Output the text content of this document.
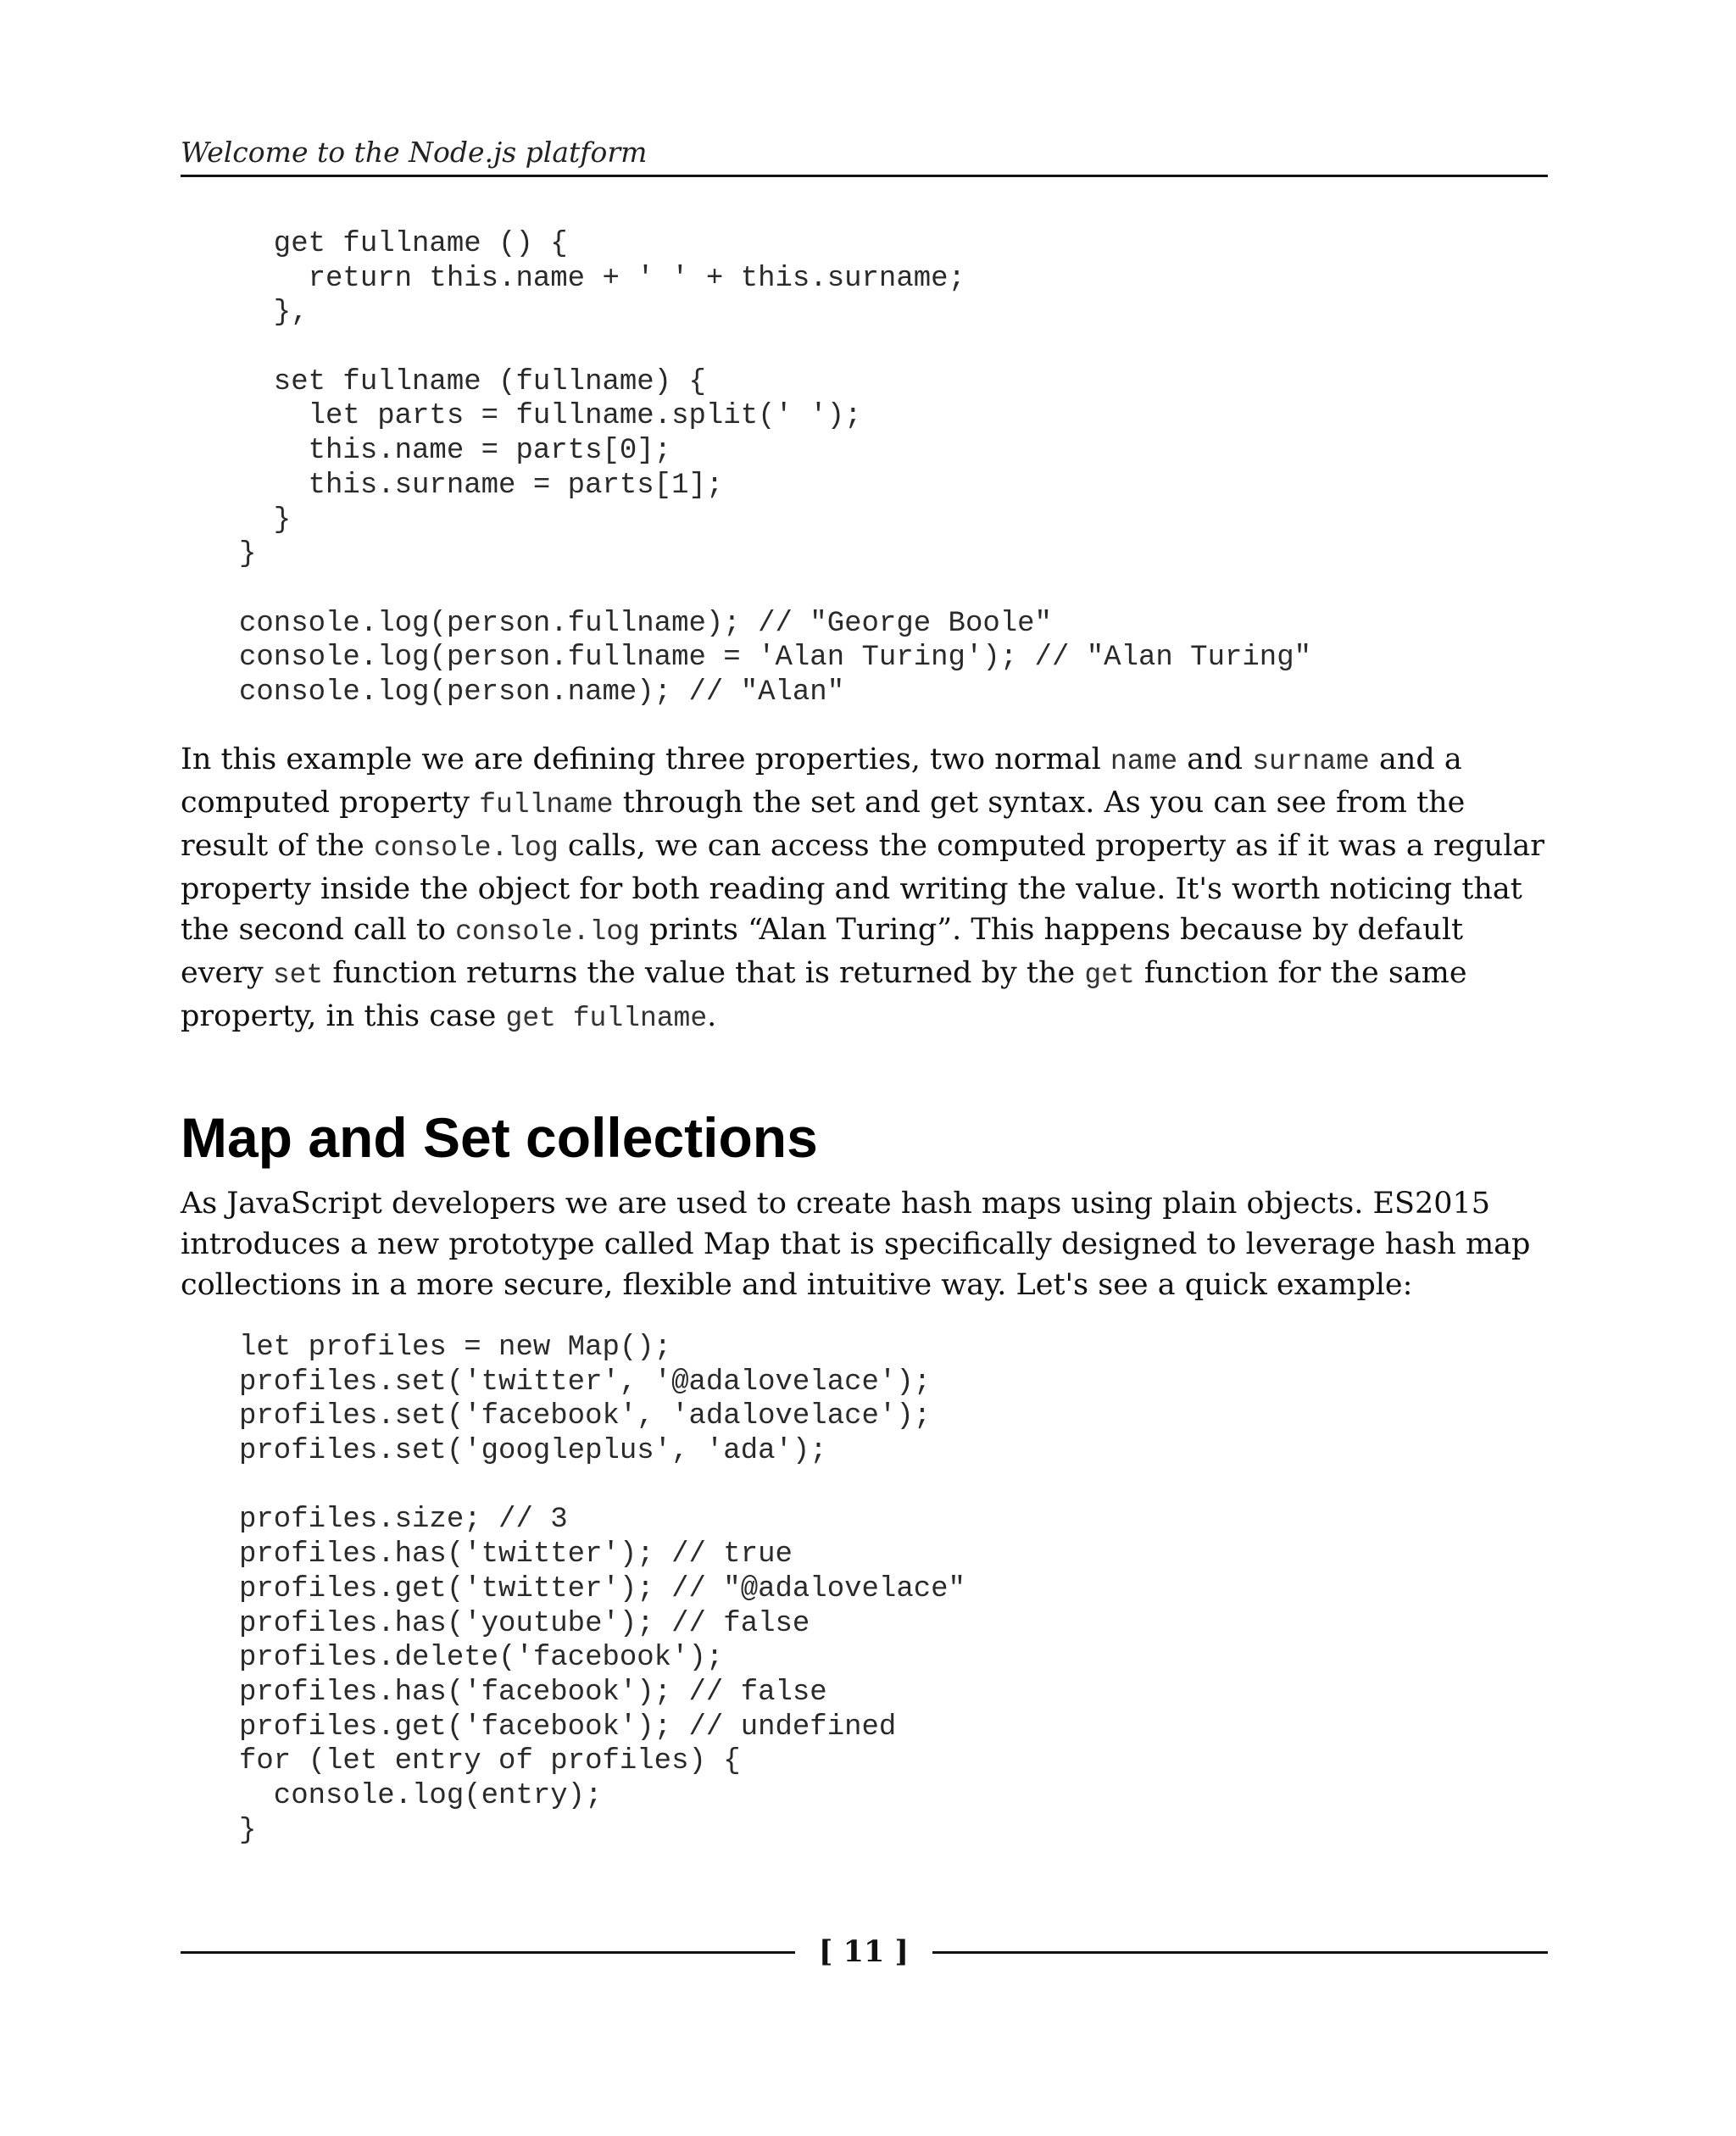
Welcome to the Node.js platform
get fullname () {
return this.name + ' ' + this.surname;
},
set fullname (fullname) {
let parts = fullname.split(' ');
this.name = parts[0];
this.surname = parts[1];
}
}
console.log(person.fullname); // "George Boole"
console.log(person.fullname = 'Alan Turing'); // "Alan Turing"
console.log(person.name); // "Alan"

In this example we are defining three properties, two normal name and surname and a computed property fullname through the set and get syntax. As you can see from the result of the console.log calls, we can access the computed property as if it was a regular property inside the object for both reading and writing the value. It's worth noticing that the second call to console.log prints “Alan Turing”. This happens because by default every set function returns the value that is returned by the get function for the same property, in this case get fullname.

Map and Set collections

As JavaScript developers we are used to create hash maps using plain objects. ES2015 introduces a new prototype called Map that is specifically designed to leverage hash map collections in a more secure, flexible and intuitive way. Let's see a quick example:

let profiles = new Map();
profiles.set('twitter', '@adalovelace');
profiles.set('facebook', 'adalovelace');
profiles.set('googleplus', 'ada');
profiles.size; // 3
profiles.has('twitter'); // true
profiles.get('twitter'); // "@adalovelace"
profiles.has('youtube'); // false
profiles.delete('facebook');
profiles.has('facebook'); // false
profiles.get('facebook'); // undefined
for (let entry of profiles) {
console.log(entry);
}
[ 11 ]
